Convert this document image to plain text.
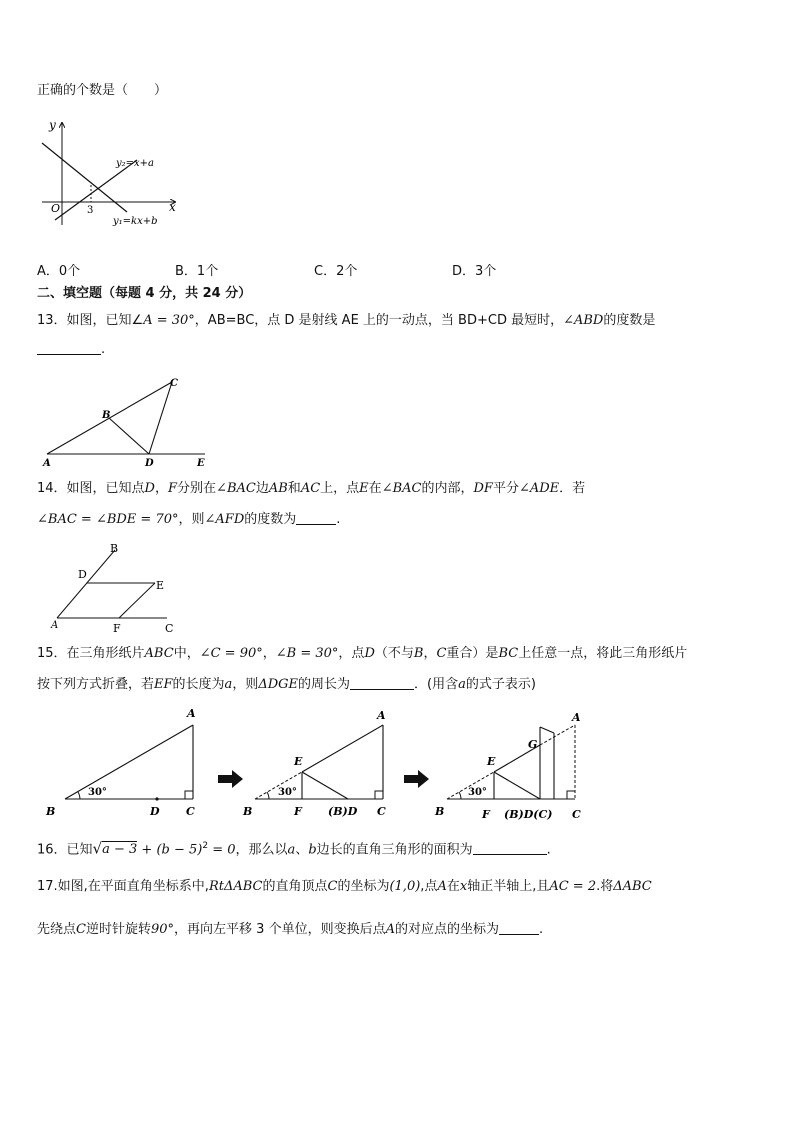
正确的个数是（　　）
y
x
O	3
y₂=x+a
y₁=kx+b
A．0个	B．1个	C．2个	D．3个
二、填空题（每题 4 分，共 24 分）
13．如图，已知∠A = 30°，AB=BC，点 D 是射线 AE 上的一动点，当 BD+CD 最短时，∠ABD的度数是
.
A
B
C
D	E
14．如图，已知点D，F分别在∠BAC边AB和AC上，点E在∠BAC的内部，DF平分∠ADE．若
∠BAC = ∠BDE = 70°，则∠AFD的度数为	.
B
D
E
A	F	C
15．在三角形纸片ABC中，∠C = 90°，∠B = 30°，点D（不与B，C重合）是BC上任意一点，将此三角形纸片
按下列方式折叠，若EF的长度为a，则ΔDGE的周长为	．(用含a的式子表示)
A
B	D C
30°
A
E
B	F (B)D C
30°
A
G
E
B	F (B)D(C) C
30°
16．已知$√a - 3 + (b - 5)^2 = 0$，那么以a、b边长的直角三角形的面积为	.
17.如图,在平面直角坐标系中,RtΔABC的直角顶点C的坐标为(1,0),点A在x轴正半轴上,且AC = 2.将ΔABC
先绕点C逆时针旋转90°，再向左平移 3 个单位，则变换后点A的对应点的坐标为	.
